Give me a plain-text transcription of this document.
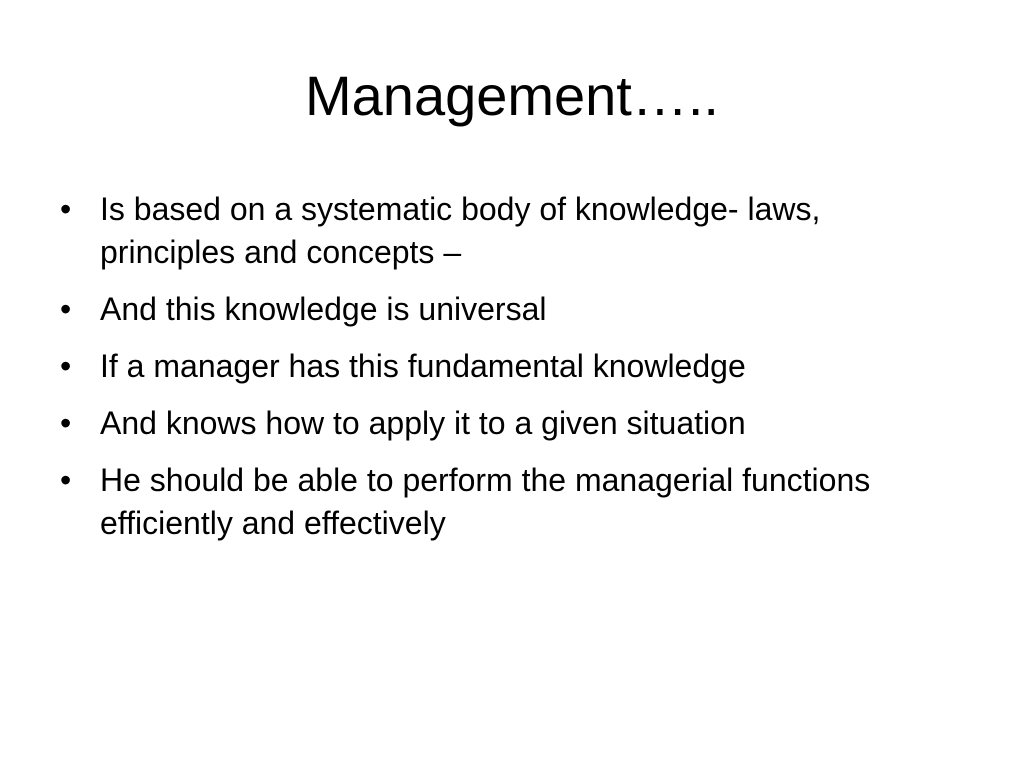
Management…..
• Is based on a systematic body of knowledge- laws, principles and concepts –
• And this knowledge is universal
• If a manager has this fundamental knowledge
• And knows how to apply it to a given situation
• He should be able to perform the managerial functions efficiently and effectively
